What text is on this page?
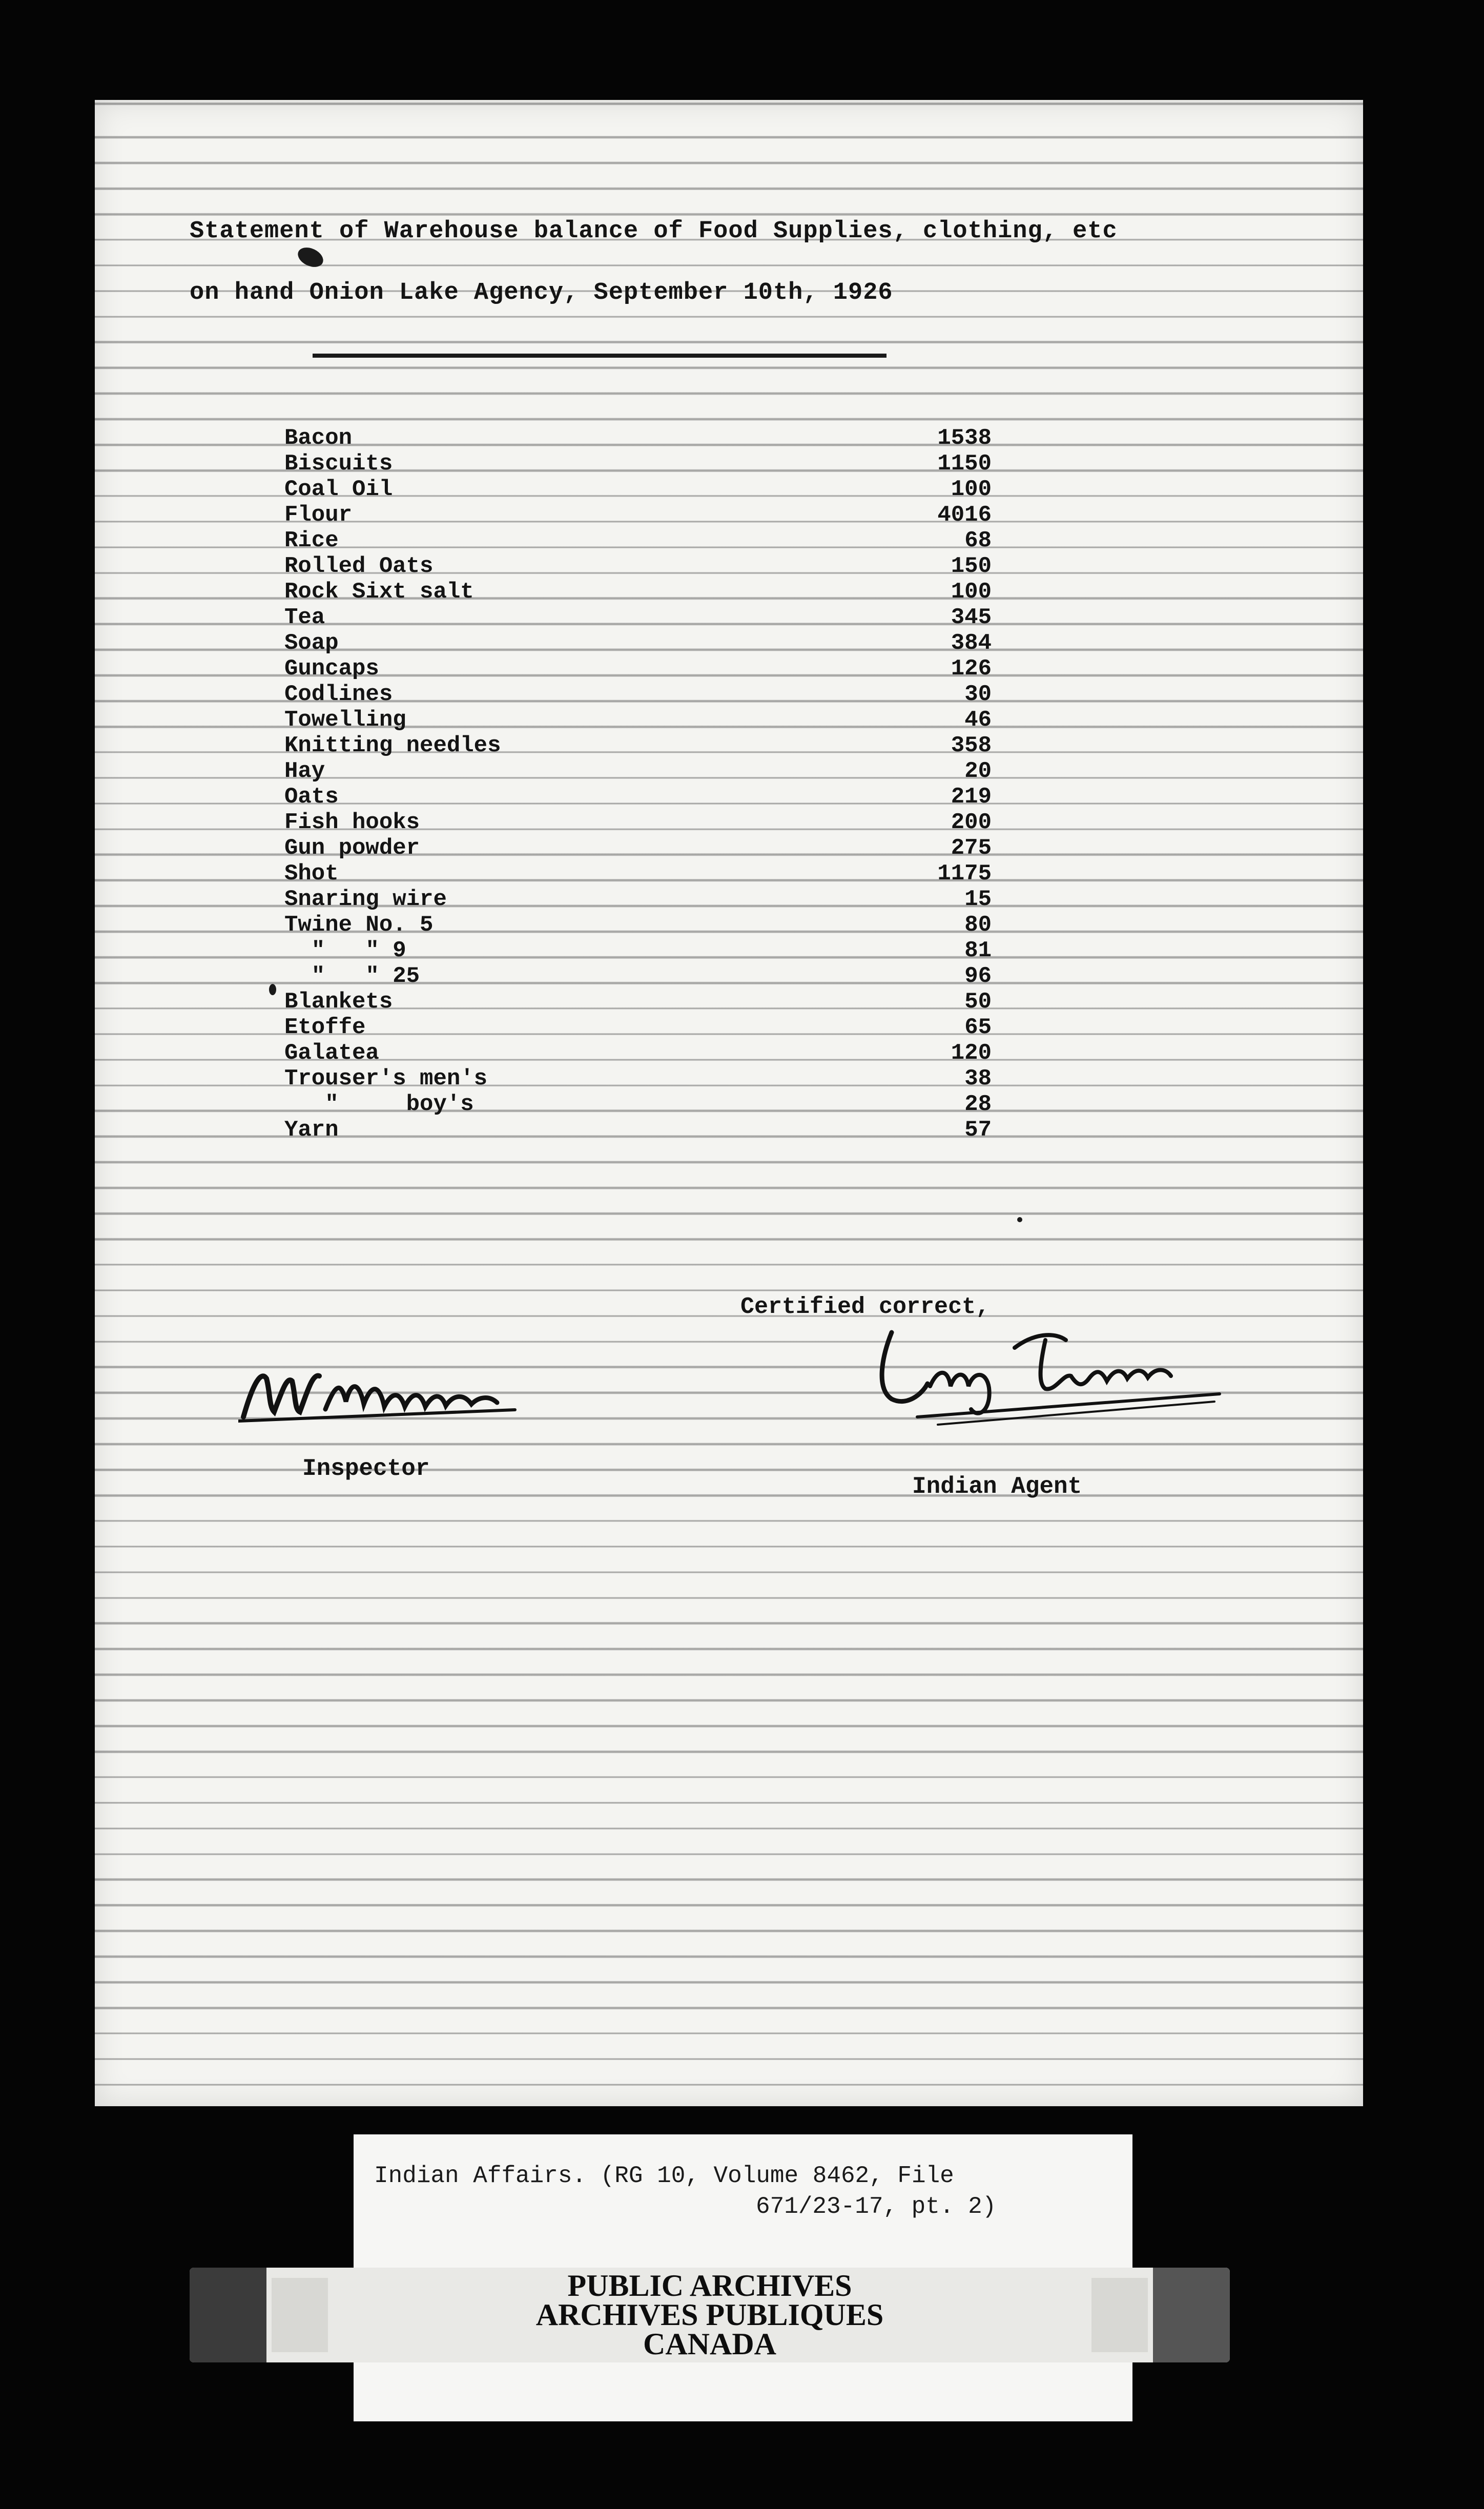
Statement of Warehouse balance of Food Supplies, clothing, etc
on hand Onion Lake Agency, September 10th, 1926
Bacon	1538
Biscuits	1150
Coal Oil	100
Flour	4016
Rice	68
Rolled Oats	150
Rock Sixt salt	100
Tea	345
Soap	384
Guncaps	126
Codlines	30
Towelling	46
Knitting needles	358
Hay	20
Oats	219
Fish hooks	200
Gun powder	275
Shot	1175
Snaring wire	15
Twine No. 5	80
"   " 9	81
"   " 25	96
Blankets	50
Etoffe	65
Galatea	120
Trouser's men's	38
"     boy's	28
Yarn	57
Certified correct,
Inspector
Indian Agent
Indian Affairs. (RG 10, Volume 8462, File
671/23-17, pt. 2)
PUBLIC ARCHIVES
ARCHIVES PUBLIQUES
CANADA
